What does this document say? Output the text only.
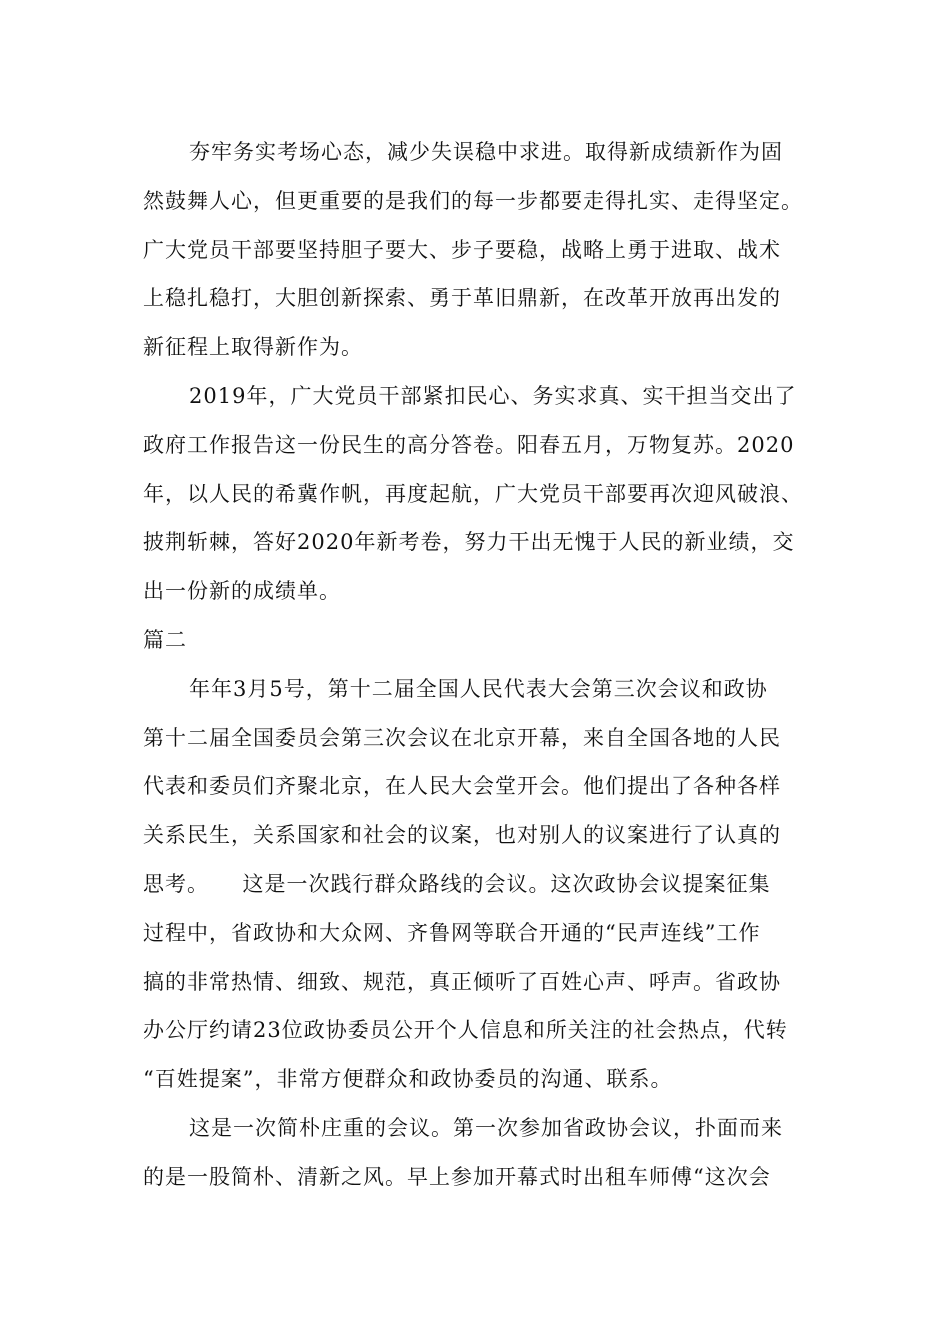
夯牢务实考场心态，减少失误稳中求进。取得新成绩新作为固
然鼓舞人心，但更重要的是我们的每一步都要走得扎实、走得坚定。
广大党员干部要坚持胆子要大、步子要稳，战略上勇于进取、战术
上稳扎稳打，大胆创新探索、勇于革旧鼎新，在改革开放再出发的
新征程上取得新作为。

2019年，广大党员干部紧扣民心、务实求真、实干担当交出了
政府工作报告这一份民生的高分答卷。阳春五月，万物复苏。2020
年，以人民的希冀作帆，再度起航，广大党员干部要再次迎风破浪、
披荆斩棘，答好2020年新考卷，努力干出无愧于人民的新业绩，交
出一份新的成绩单。

篇二

年年3月5号，第十二届全国人民代表大会第三次会议和政协
第十二届全国委员会第三次会议在北京开幕，来自全国各地的人民
代表和委员们齐聚北京，在人民大会堂开会。他们提出了各种各样
关系民生，关系国家和社会的议案，也对别人的议案进行了认真的
思考。　　这是一次践行群众路线的会议。这次政协会议提案征集
过程中，省政协和大众网、齐鲁网等联合开通的“民声连线”工作
搞的非常热情、细致、规范，真正倾听了百姓心声、呼声。省政协
办公厅约请23位政协委员公开个人信息和所关注的社会热点，代转
“百姓提案”，非常方便群众和政协委员的沟通、联系。

这是一次简朴庄重的会议。第一次参加省政协会议，扑面而来
的是一股简朴、清新之风。早上参加开幕式时出租车师傅“这次会
